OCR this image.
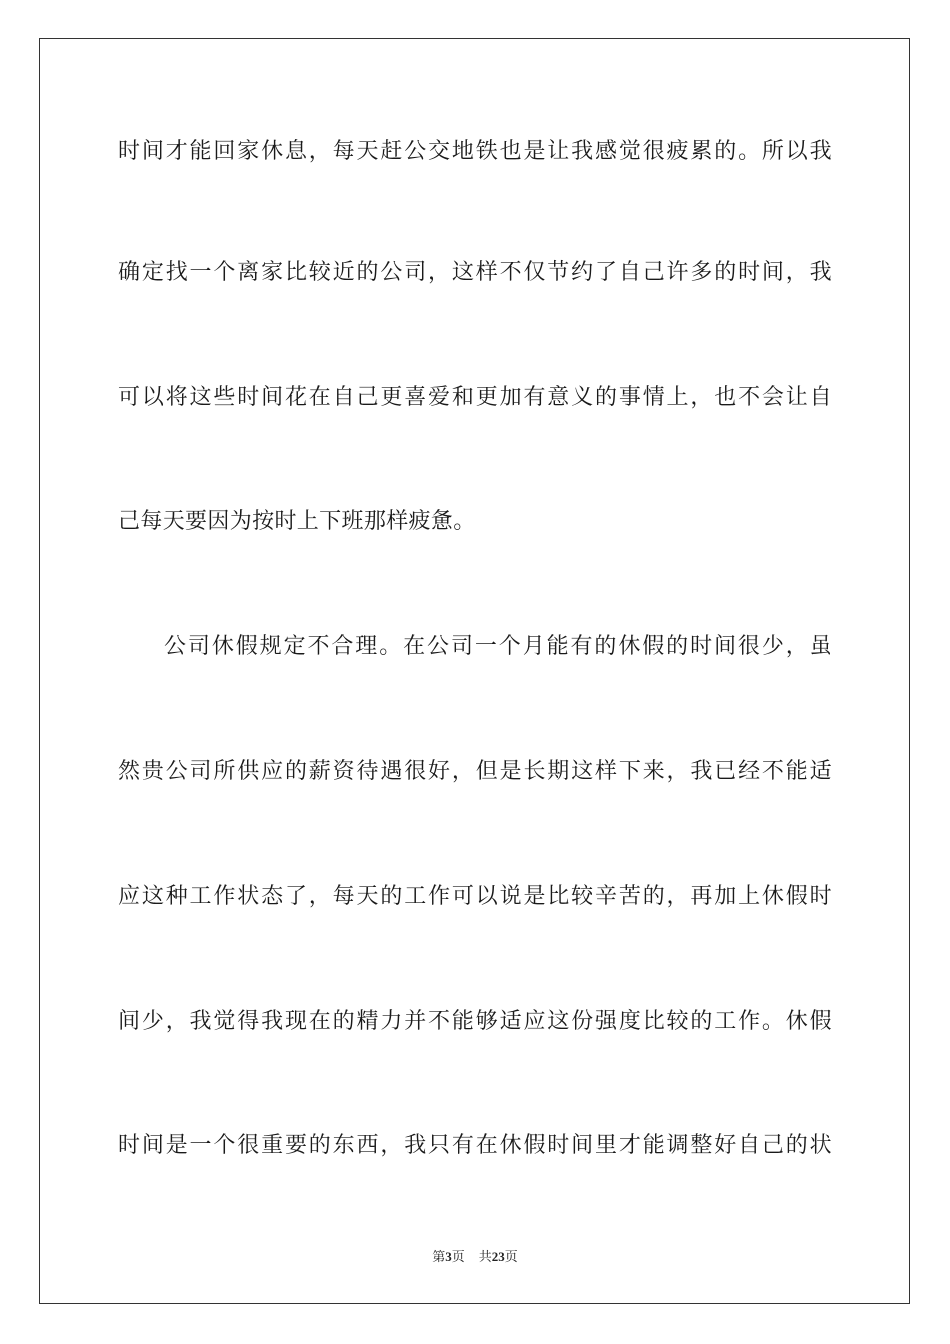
时间才能回家休息，每天赶公交地铁也是让我感觉很疲累的。所以我
确定找一个离家比较近的公司，这样不仅节约了自己许多的时间，我
可以将这些时间花在自己更喜爱和更加有意义的事情上，也不会让自
己每天要因为按时上下班那样疲惫。
公司休假规定不合理。在公司一个月能有的休假的时间很少，虽
然贵公司所供应的薪资待遇很好，但是长期这样下来，我已经不能适
应这种工作状态了，每天的工作可以说是比较辛苦的，再加上休假时
间少，我觉得我现在的精力并不能够适应这份强度比较的工作。休假
时间是一个很重要的东西，我只有在休假时间里才能调整好自己的状
第3页 共23页
